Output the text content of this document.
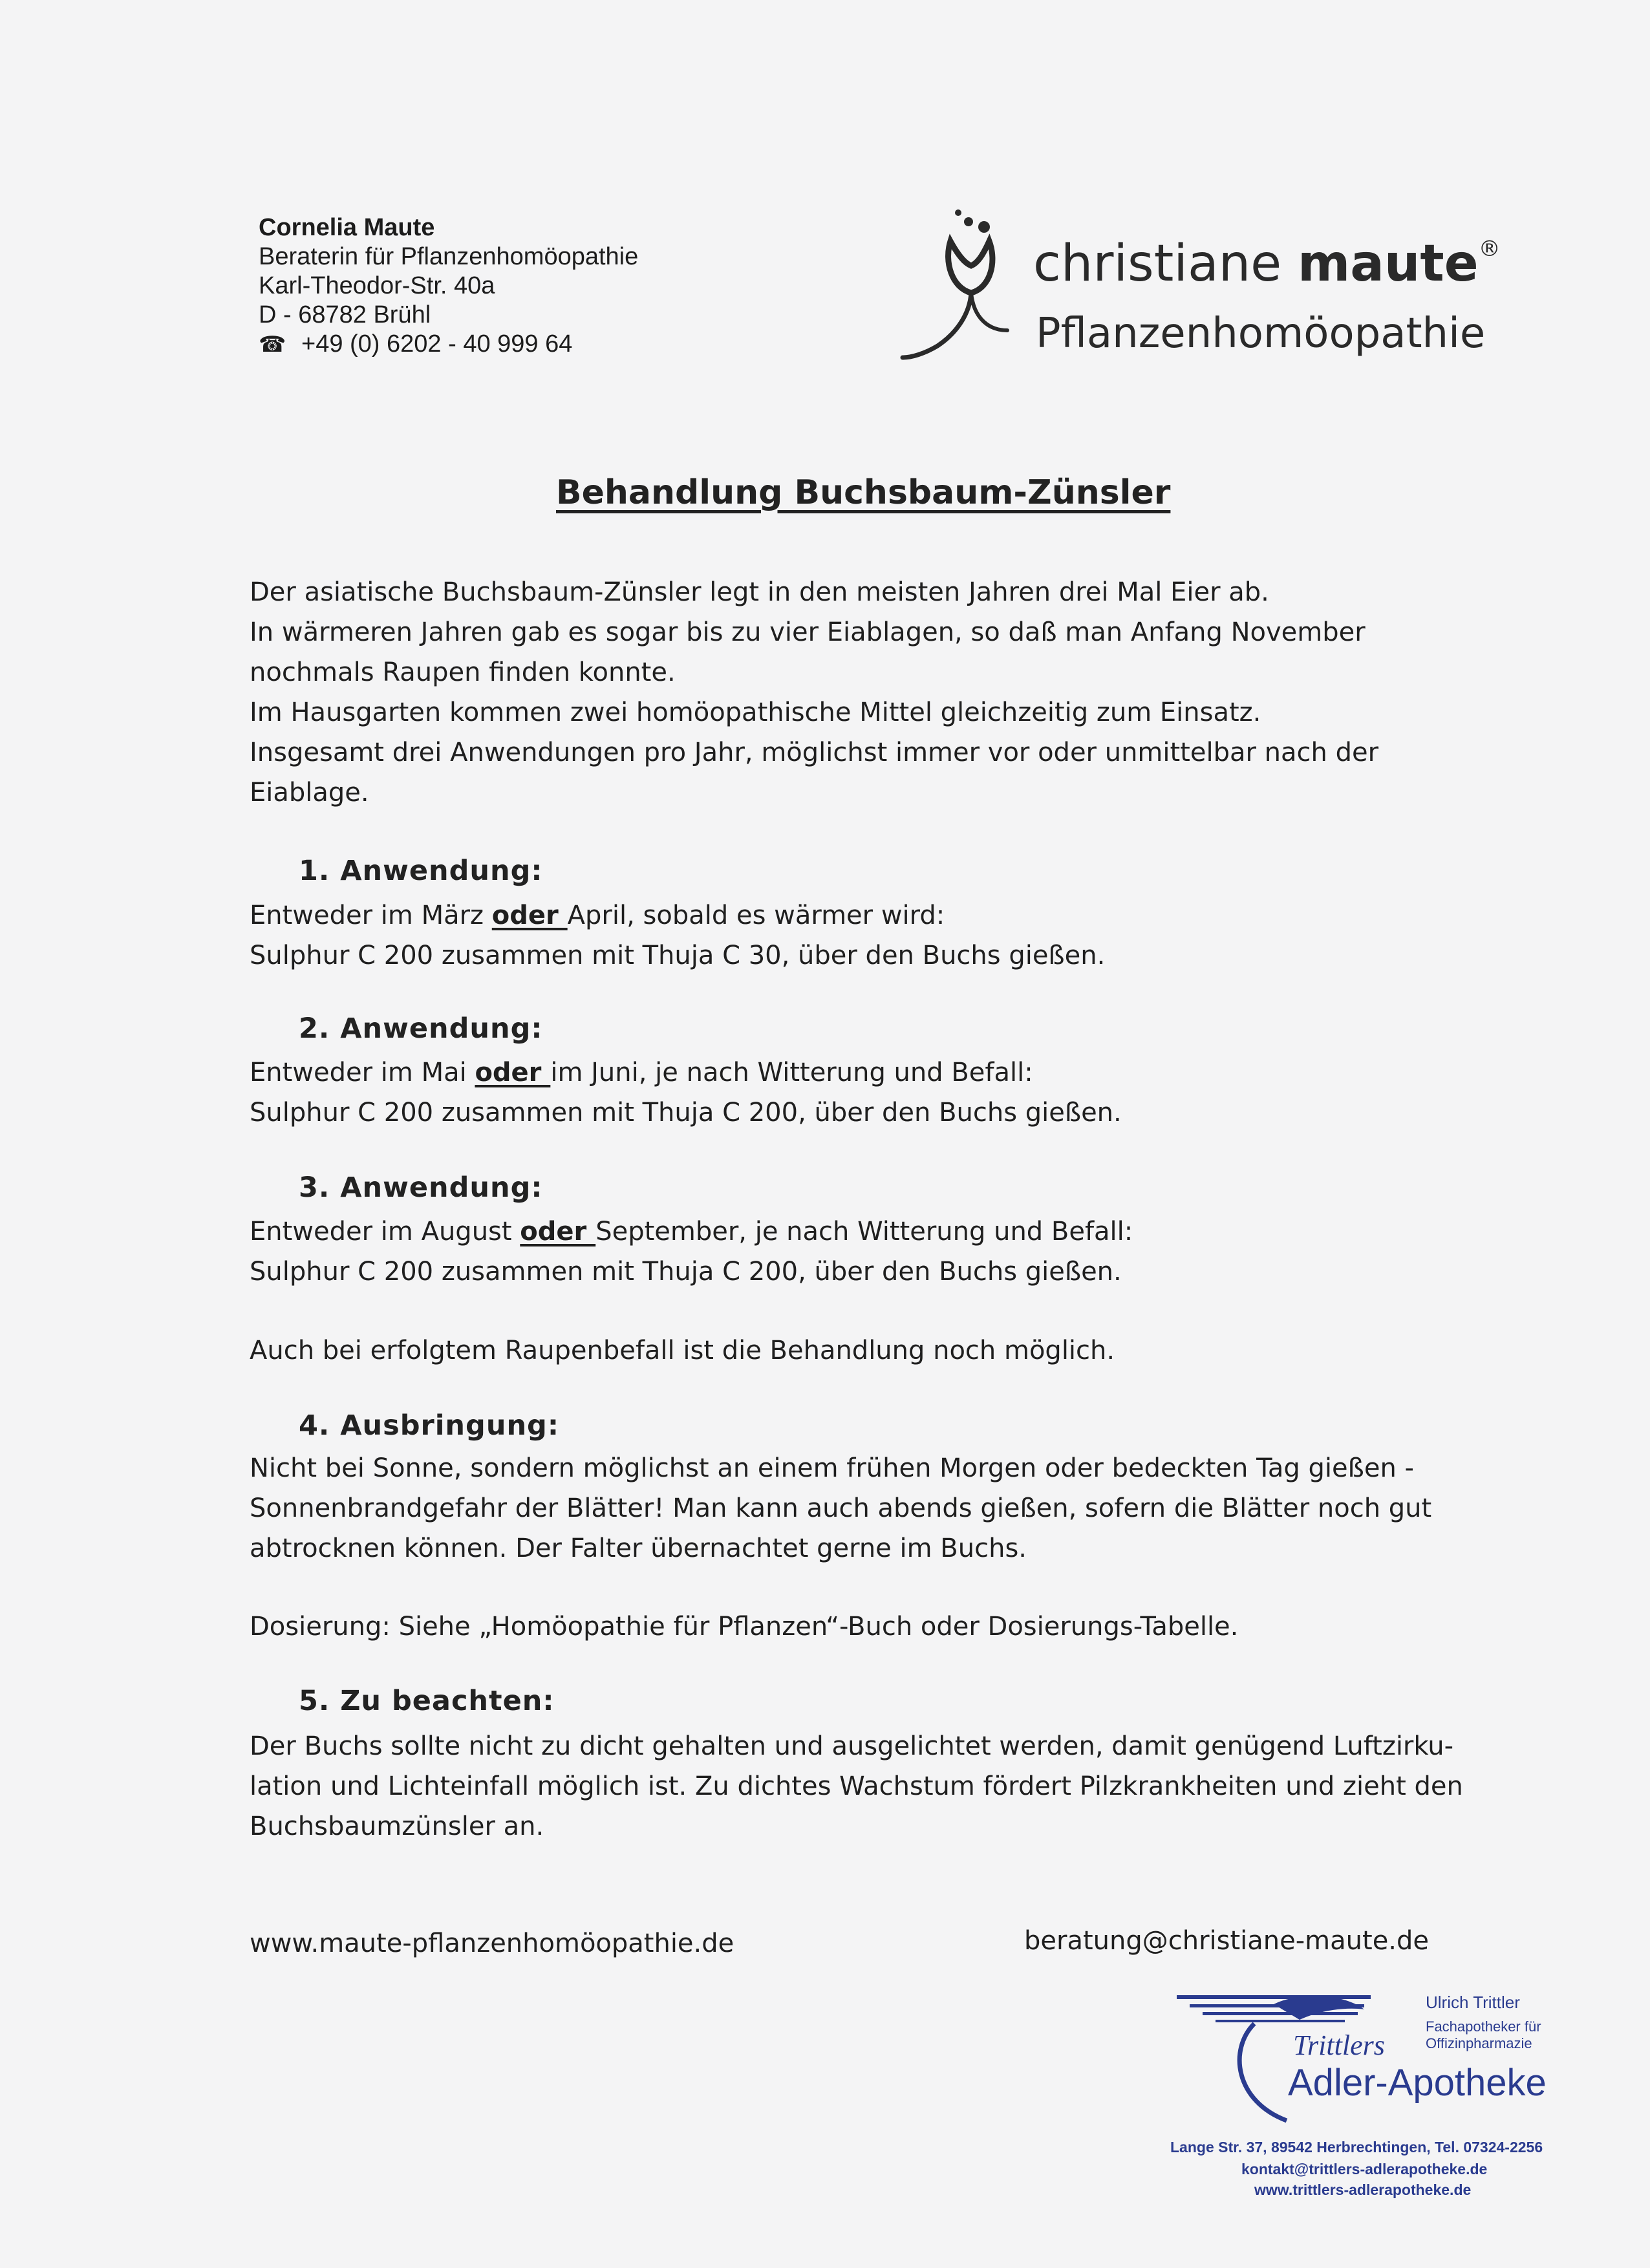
Cornelia Maute
Beraterin für Pflanzenhomöopathie
Karl-Theodor-Str. 40a
D - 68782 Brühl
☎ +49 (0) 6202 - 40 999 64
christiane maute®
Pflanzenhomöopathie
Behandlung Buchsbaum-Zünsler
Der asiatische Buchsbaum-Zünsler legt in den meisten Jahren drei Mal Eier ab.
In wärmeren Jahren gab es sogar bis zu vier Eiablagen, so daß man Anfang November
nochmals Raupen finden konnte.
Im Hausgarten kommen zwei homöopathische Mittel gleichzeitig zum Einsatz.
Insgesamt drei Anwendungen pro Jahr, möglichst immer vor oder unmittelbar nach der
Eiablage.
1. Anwendung:
Entweder im März oder April, sobald es wärmer wird:
Sulphur C 200 zusammen mit Thuja C 30, über den Buchs gießen.
2. Anwendung:
Entweder im Mai oder im Juni, je nach Witterung und Befall:
Sulphur C 200 zusammen mit Thuja C 200, über den Buchs gießen.
3. Anwendung:
Entweder im August oder September, je nach Witterung und Befall:
Sulphur C 200 zusammen mit Thuja C 200, über den Buchs gießen.
Auch bei erfolgtem Raupenbefall ist die Behandlung noch möglich.
4. Ausbringung:
Nicht bei Sonne, sondern möglichst an einem frühen Morgen oder bedeckten Tag gießen -
Sonnenbrandgefahr der Blätter! Man kann auch abends gießen, sofern die Blätter noch gut
abtrocknen können. Der Falter übernachtet gerne im Buchs.
Dosierung: Siehe „Homöopathie für Pflanzen“-Buch oder Dosierungs-Tabelle.
5. Zu beachten:
Der Buchs sollte nicht zu dicht gehalten und ausgelichtet werden, damit genügend Luftzirku-
lation und Lichteinfall möglich ist. Zu dichtes Wachstum fördert Pilzkrankheiten und zieht den
Buchsbaumzünsler an.
www.maute-pflanzenhomöopathie.de	beratung@christiane-maute.de
Ulrich Trittler
Fachapotheker für Offizinpharmazie
Trittlers
Adler-Apotheke
Lange Str. 37, 89542 Herbrechtingen, Tel. 07324-2256
kontakt@trittlers-adlerapotheke.de
www.trittlers-adlerapotheke.de
